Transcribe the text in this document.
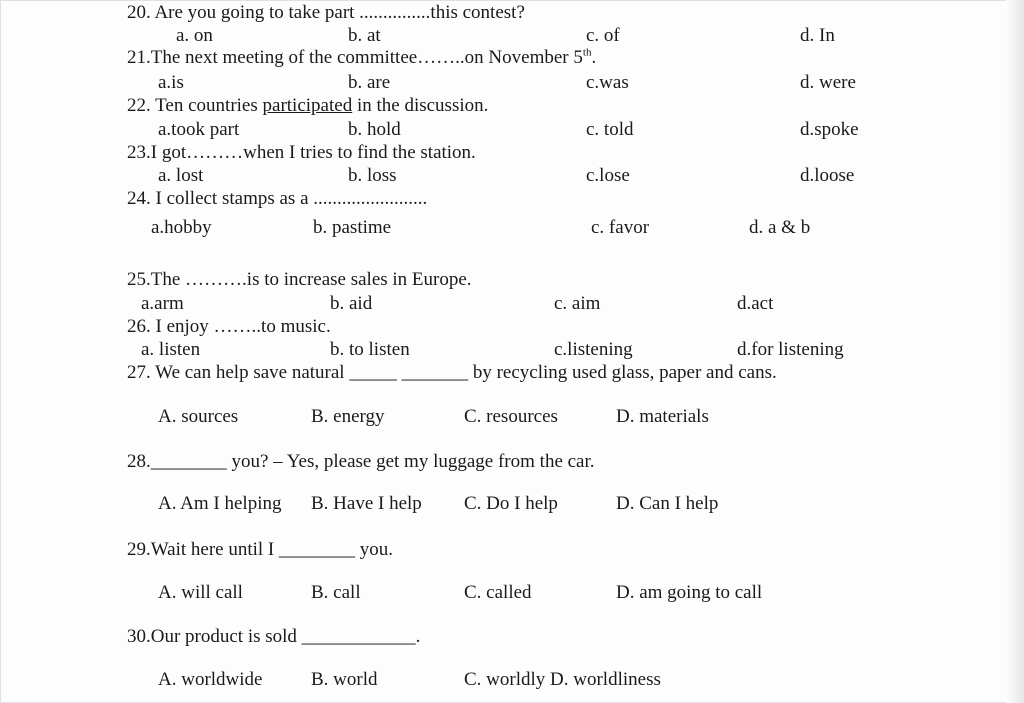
20. Are you going to take part ...............this contest?
a. on	b. at	c. of	d. In
21.The next meeting of the committee……..on November 5th.
a.is	b. are	c.was	d. were
22. Ten countries participated in the discussion.
a.took part	b. hold	c. told	d.spoke
23.I got………when I tries to find the station.
a. lost	b. loss	c.lose	d.loose
24. I collect stamps as a ........................
a.hobby	b. pastime	c. favor	d. a & b
25.The ……….is to increase sales in Europe.
a.arm	b. aid	c. aim	d.act
26. I enjoy ……..to music.
a. listen	b. to listen	c.listening	d.for listening
27. We can help save natural _____ _______ by recycling used glass, paper and cans.
A. sources	B. energy	C. resources	D. materials
28.________ you? – Yes, please get my luggage from the car.
A. Am I helping B. Have I help C. Do I help	D. Can I help
29.Wait here until I ________ you.
A. will call	B. call	C. called	D. am going to call
30.Our product is sold ____________.
A. worldwide	B. world	C. worldly D. worldliness
